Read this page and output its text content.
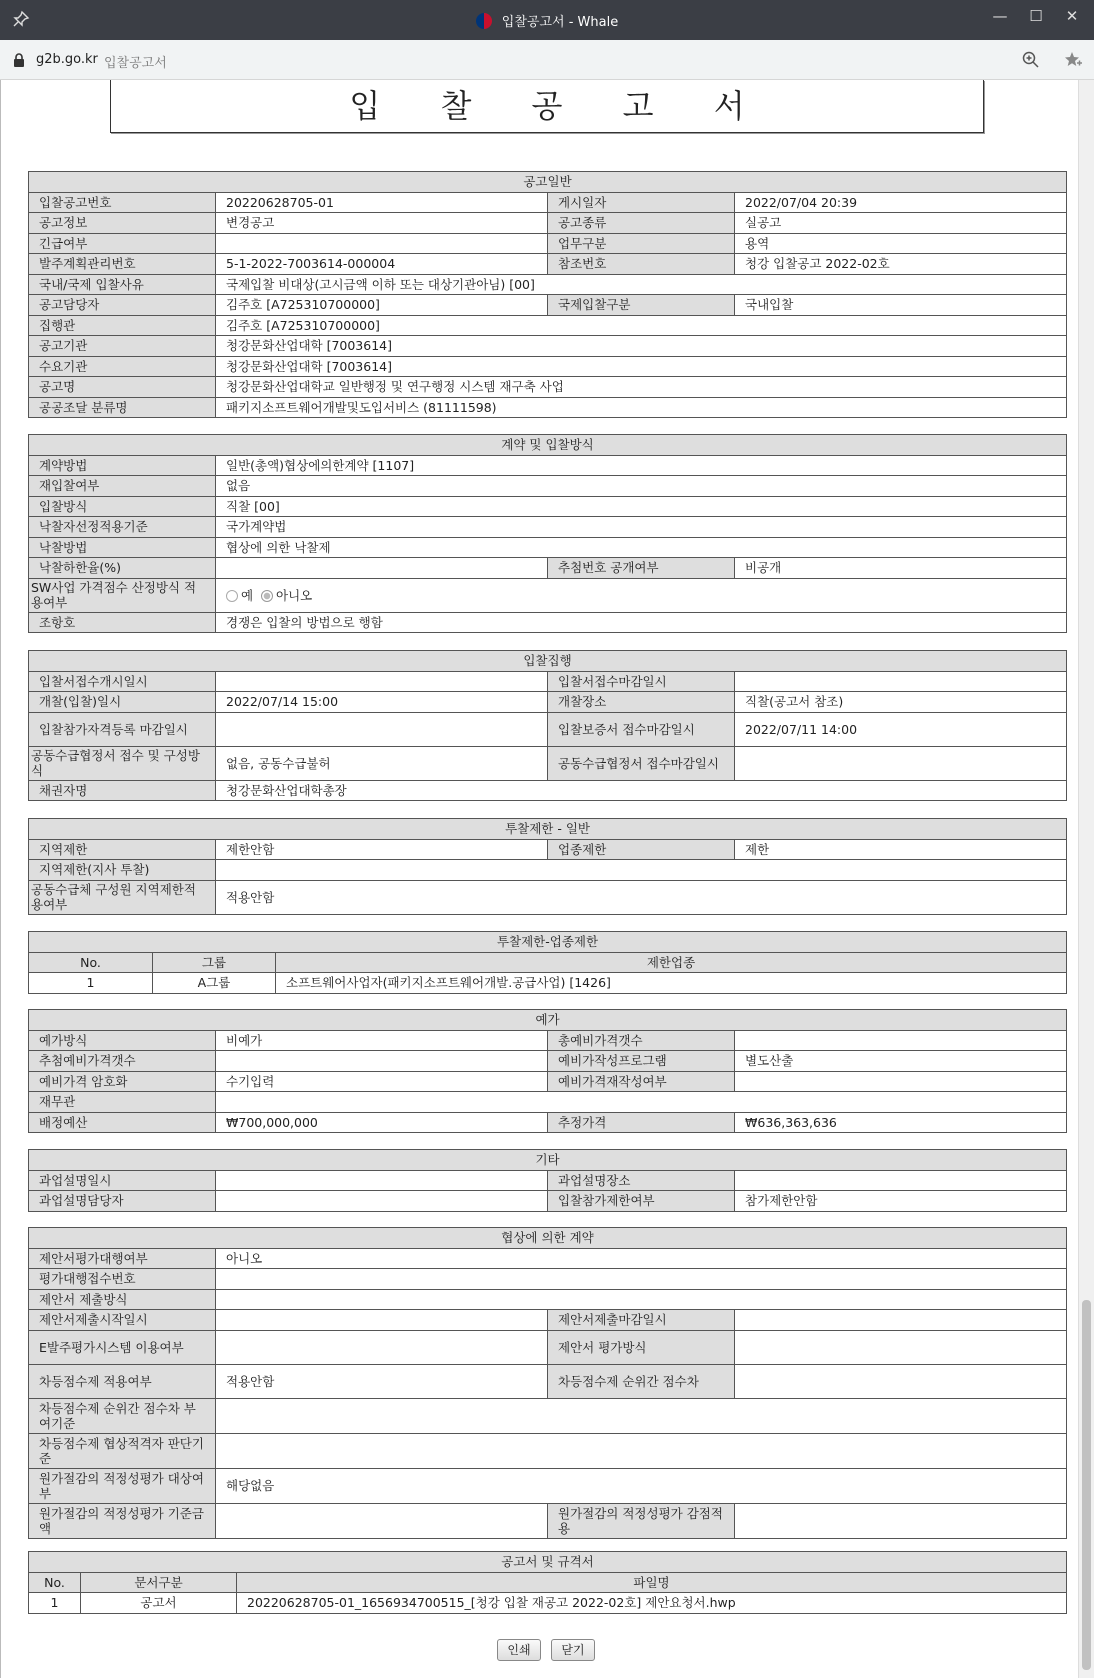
입찰공고서 - Whale	—	☐	✕
g2b.go.kr 입찰공고서
입 찰 공 고 서
공고일반			
입찰공고번호	20220628705-01	게시일자	2022/07/04 20:39
공고정보	변경공고	공고종류	실공고
긴급여부		업무구분	용역
발주계획관리번호	5-1-2022-7003614-000004	참조번호	청강 입찰공고 2022-02호
국내/국제 입찰사유	국제입찰 비대상(고시금액 이하 또는 대상기관아님) [00]		
공고담당자	김주호 [A725310700000]	국제입찰구분	국내입찰
집행관	김주호 [A725310700000]		
공고기관	청강문화산업대학 [7003614]		
수요기관	청강문화산업대학 [7003614]		
공고명	청강문화산업대학교 일반행정 및 연구행정 시스템 재구축 사업		
공공조달 분류명	패키지소프트웨어개발및도입서비스 (81111598)		
계약 및 입찰방식			
계약방법	일반(총액)협상에의한계약 [1107]		
재입찰여부	없음		
입찰방식	직찰 [00]		
낙찰자선정적용기준	국가계약법		
낙찰방법	협상에 의한 낙찰제		
낙찰하한율(%)		추첨번호 공개여부	비공개
SW사업 가격점수 산정방식 적용여부	예 아니오		
조항호	경쟁은 입찰의 방법으로 행함		
입찰집행			
입찰서접수개시일시		입찰서접수마감일시	
개찰(입찰)일시	2022/07/14 15:00	개찰장소	직찰(공고서 참조)
입찰참가자격등록 마감일시		입찰보증서 접수마감일시	2022/07/11 14:00
공동수급협정서 접수 및 구성방식	없음, 공동수급불허	공동수급협정서 접수마감일시	
채권자명	청강문화산업대학총장		
투찰제한 - 일반			
지역제한	제한안함	업종제한	제한
지역제한(지사 투찰)			
공동수급체 구성원 지역제한적용여부	적용안함		
투찰제한-업종제한		
No.	그룹	제한업종
1	A그룹	소프트웨어사업자(패키지소프트웨어개발.공급사업) [1426]
예가			
예가방식	비예가	총예비가격갯수	
추첨예비가격갯수		예비가작성프로그램	별도산출
예비가격 암호화	수기입력	예비가격재작성여부	
재무관			
배정예산	₩700,000,000	추정가격	₩636,363,636
기타			
과업설명일시		과업설명장소	
과업설명담당자		입찰참가제한여부	참가제한안함
협상에 의한 계약			
제안서평가대행여부	아니오		
평가대행접수번호			
제안서 제출방식			
제안서제출시작일시		제안서제출마감일시	
E발주평가시스템 이용여부		제안서 평가방식	
차등점수제 적용여부	적용안함	차등점수제 순위간 점수차	
차등점수제 순위간 점수차 부여기준			
차등점수제 협상적격자 판단기준			
원가절감의 적정성평가 대상여부	해당없음		
원가절감의 적정성평가 기준금액		원가절감의 적정성평가 감점적용	
공고서 및 규격서		
No.	문서구분	파일명
1	공고서	20220628705-01_1656934700515_[청강 입찰 재공고 2022-02호] 제안요청서.hwp
인쇄	닫기
